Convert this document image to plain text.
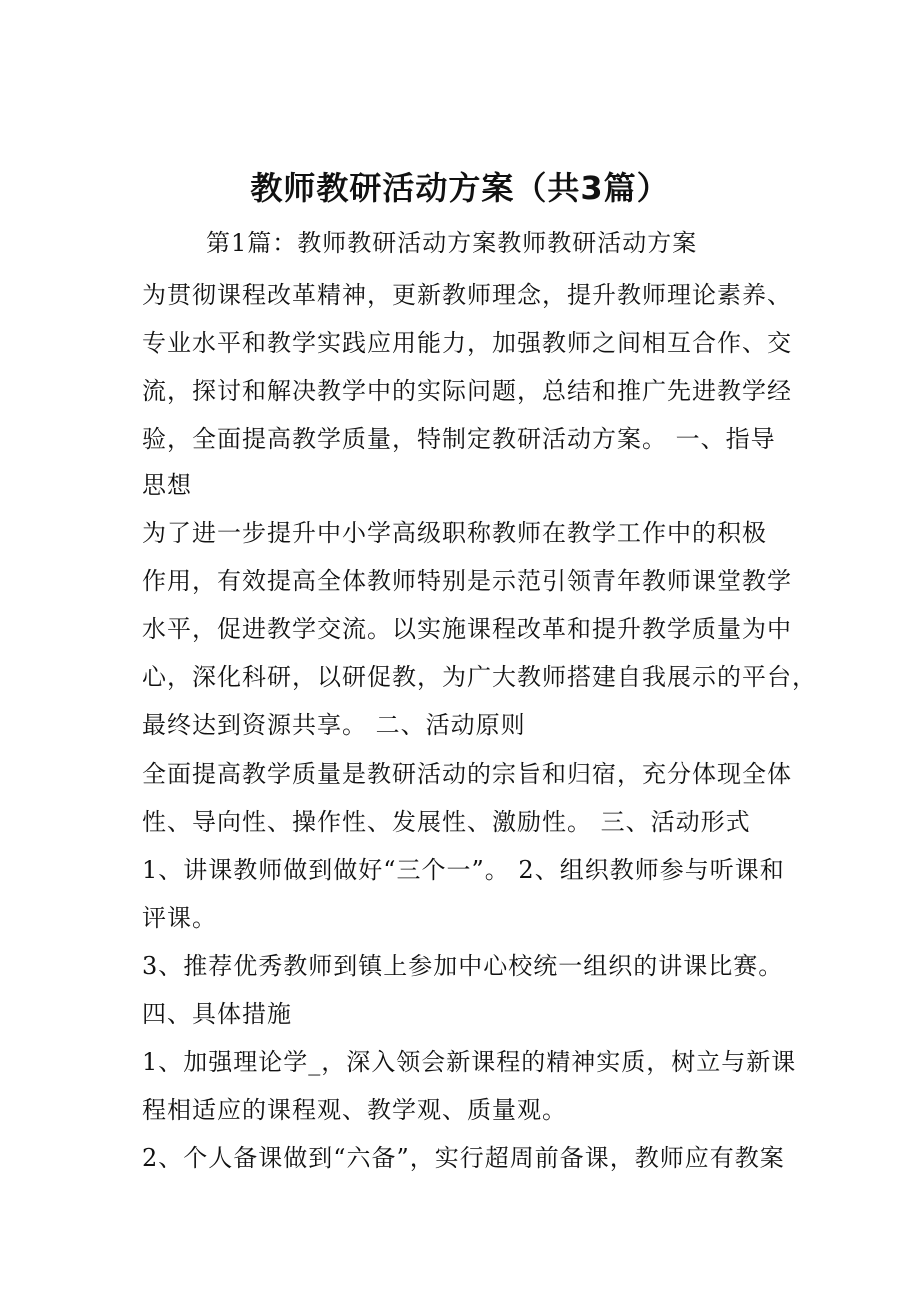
教师教研活动方案（共3篇）

第1篇：教师教研活动方案教师教研活动方案

为贯彻课程改革精神，更新教师理念，提升教师理论素养、

专业水平和教学实践应用能力，加强教师之间相互合作、交

流，探讨和解决教学中的实际问题，总结和推广先进教学经

验，全面提高教学质量，特制定教研活动方案。 一、指导

思想

为了进一步提升中小学高级职称教师在教学工作中的积极

作用，有效提高全体教师特别是示范引领青年教师课堂教学

水平，促进教学交流。以实施课程改革和提升教学质量为中

心，深化科研，以研促教，为广大教师搭建自我展示的平台，

最终达到资源共享。 二、活动原则

全面提高教学质量是教研活动的宗旨和归宿，充分体现全体

性、导向性、操作性、发展性、激励性。 三、活动形式

1、讲课教师做到做好“三个一”。 2、组织教师参与听课和

评课。

3、推荐优秀教师到镇上参加中心校统一组织的讲课比赛。

四、具体措施

1、加强理论学_，深入领会新课程的精神实质，树立与新课

程相适应的课程观、教学观、质量观。

2、个人备课做到“六备”，实行超周前备课，教师应有教案
